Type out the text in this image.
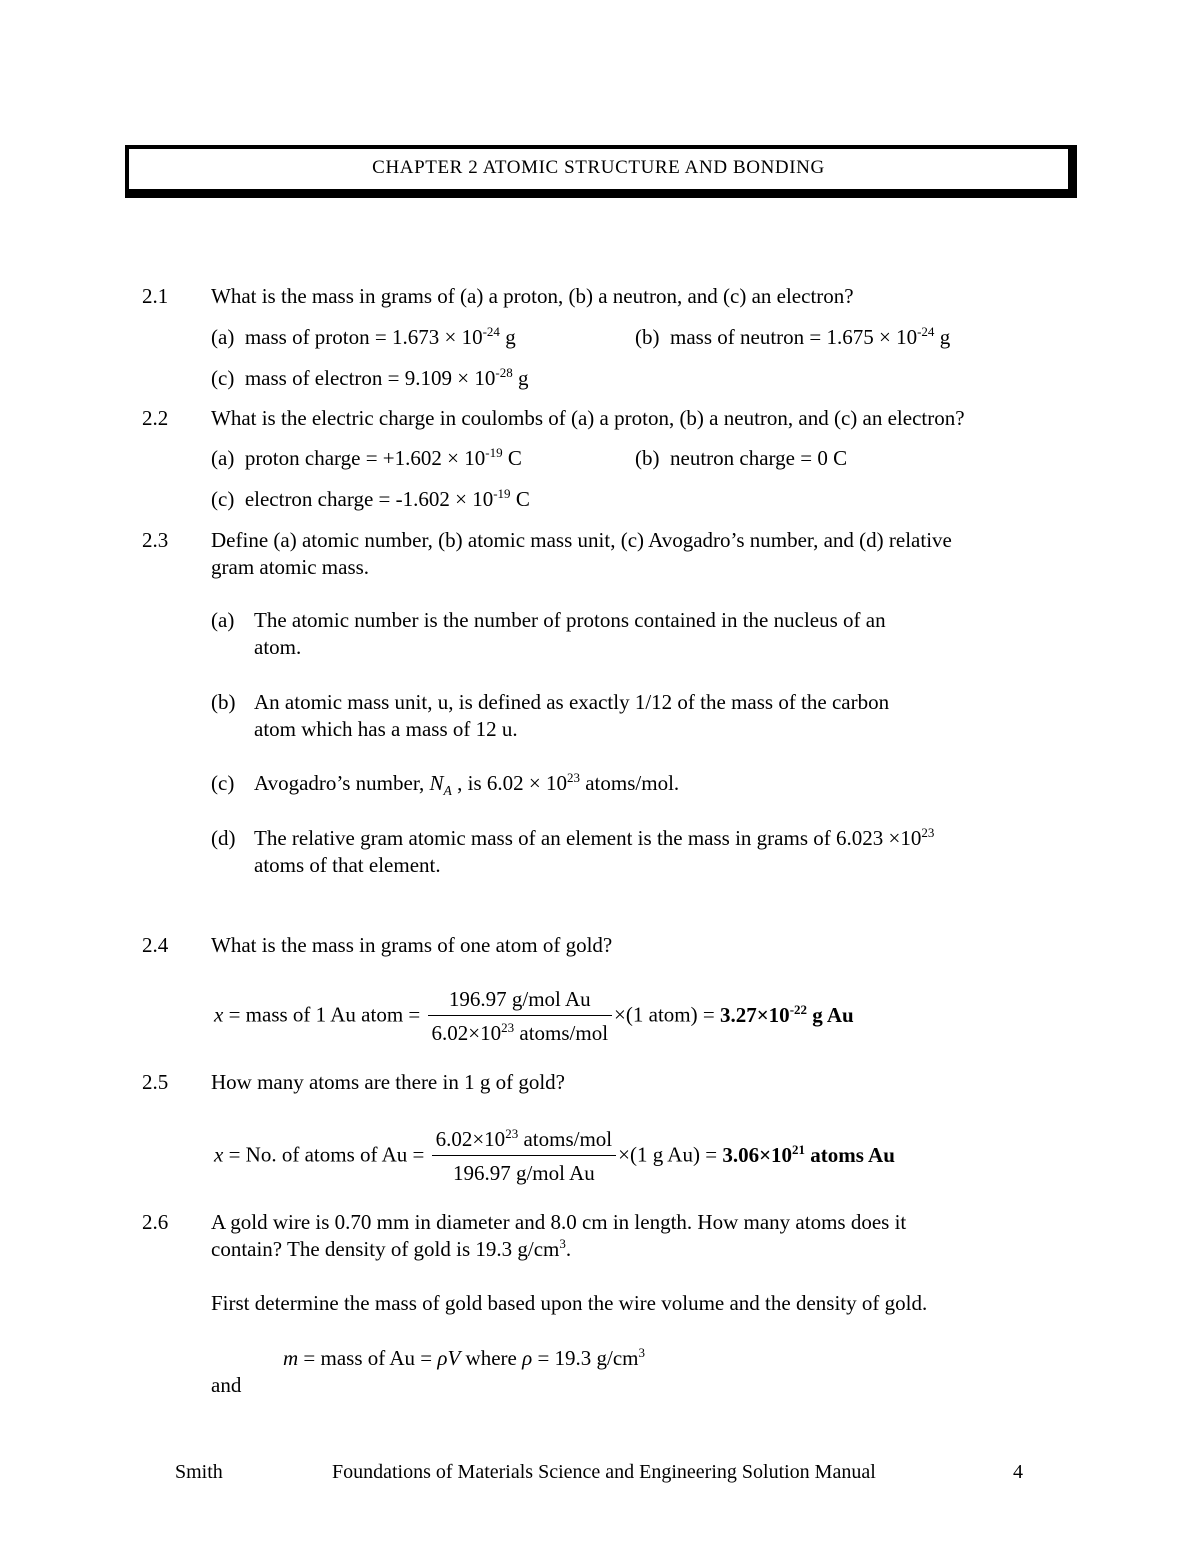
CHAPTER 2 ATOMIC STRUCTURE AND BONDING
2.1 What is the mass in grams of (a) a proton, (b) a neutron, and (c) an electron?
(a) mass of proton = $1.673 \times 10^{-24}$ g	(b) mass of neutron = $1.675 \times 10^{-24}$ g
(c) mass of electron = $9.109 \times 10^{-28}$ g
2.2 What is the electric charge in coulombs of (a) a proton, (b) a neutron, and (c) an electron?
(a) proton charge = $+1.602 \times 10^{-19}$ C	(b) neutron charge = 0 C
(c) electron charge = $-1.602 \times 10^{-19}$ C
2.3 Define (a) atomic number, (b) atomic mass unit, (c) Avogadro’s number, and (d) relative
gram atomic mass.
(a) The atomic number is the number of protons contained in the nucleus of an
atom.
(b) An atomic mass unit, u, is defined as exactly 1/12 of the mass of the carbon
atom which has a mass of 12 u.
(c) Avogadro’s number, $N_A$ , is $6.02 \times 10^{23}$ atoms/mol.
(d) The relative gram atomic mass of an element is the mass in grams of $6.023 \times 10^{23}$
atoms of that element.
2.4 What is the mass in grams of one atom of gold?
x = mass of 1 Au atom = $\frac{\text{196.97 g/mol Au}}{6.02\times 10^{23} atoms/mol} \times(1$ atom) = $3.27\times 10^{-22}$ g Au
2.5 How many atoms are there in 1 g of gold?
x = No. of atoms of $Au = \frac{6.02\times 10^{23} atoms/mol}{\text{196.97 g/mol Au}} \times(1$ g $Au) = 3.06\times 10^{21}$ atoms Au
2.6 A gold wire is 0.70 mm in diameter and 8.0 cm in length. How many atoms does it
contain? The density of gold is 19.3 $g/cm^3$.
First determine the mass of gold based upon the wire volume and the density of gold.
m = mass of Au = ρV where ρ = 19.3 $g/cm^3$
and
Smith	Foundations of Materials Science and Engineering Solution Manual	4
